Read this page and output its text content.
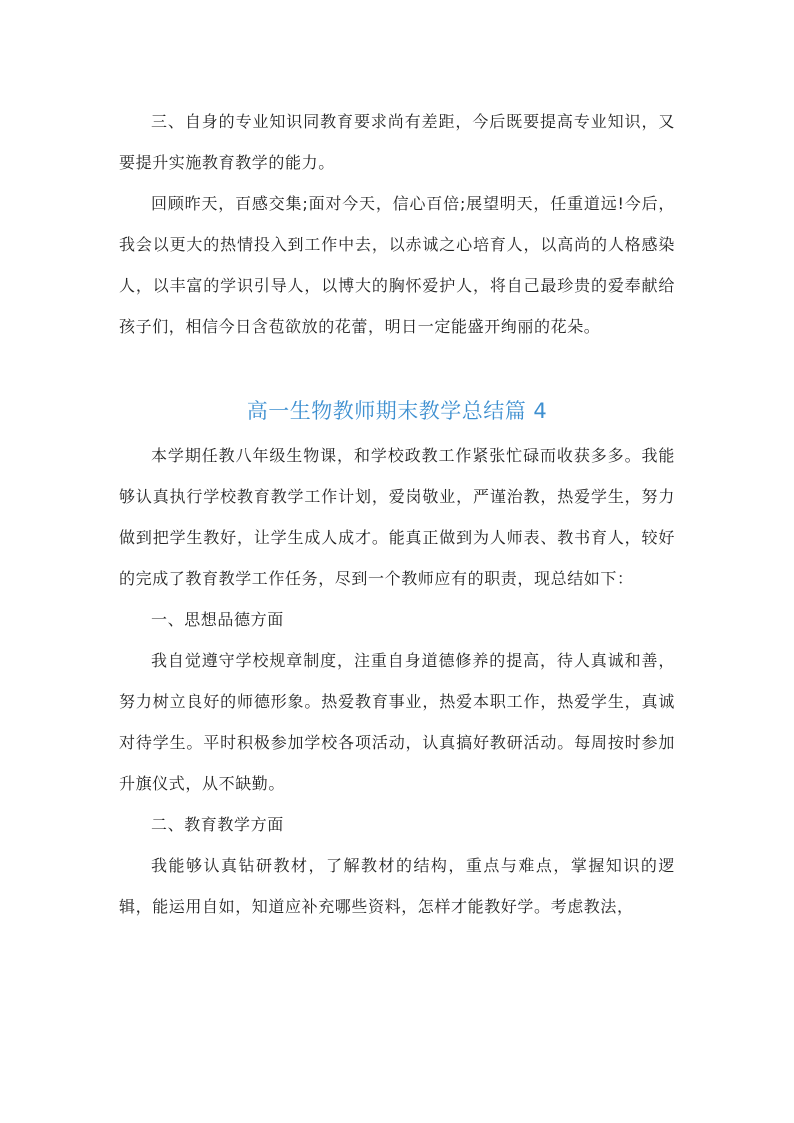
三、自身的专业知识同教育要求尚有差距，今后既要提高专业知识，又要提升实施教育教学的能力。

回顾昨天，百感交集;面对今天，信心百倍;展望明天，任重道远!今后，我会以更大的热情投入到工作中去，以赤诚之心培育人，以高尚的人格感染人，以丰富的学识引导人，以博大的胸怀爱护人，将自己最珍贵的爱奉献给孩子们，相信今日含苞欲放的花蕾，明日一定能盛开绚丽的花朵。

本学期任教八年级生物课，和学校政教工作紧张忙碌而收获多多。我能够认真执行学校教育教学工作计划，爱岗敬业，严谨治教，热爱学生，努力做到把学生教好，让学生成人成才。能真正做到为人师表、教书育人，较好的完成了教育教学工作任务，尽到一个教师应有的职责，现总结如下：

一、思想品德方面

我自觉遵守学校规章制度，注重自身道德修养的提高，待人真诚和善，努力树立良好的师德形象。热爱教育事业，热爱本职工作，热爱学生，真诚对待学生。平时积极参加学校各项活动，认真搞好教研活动。每周按时参加升旗仪式，从不缺勤。

二、教育教学方面

我能够认真钻研教材，了解教材的结构，重点与难点，掌握知识的逻辑，能运用自如，知道应补充哪些资料，怎样才能教好学。考虑教法，

高一生物教师期末教学总结篇 4
